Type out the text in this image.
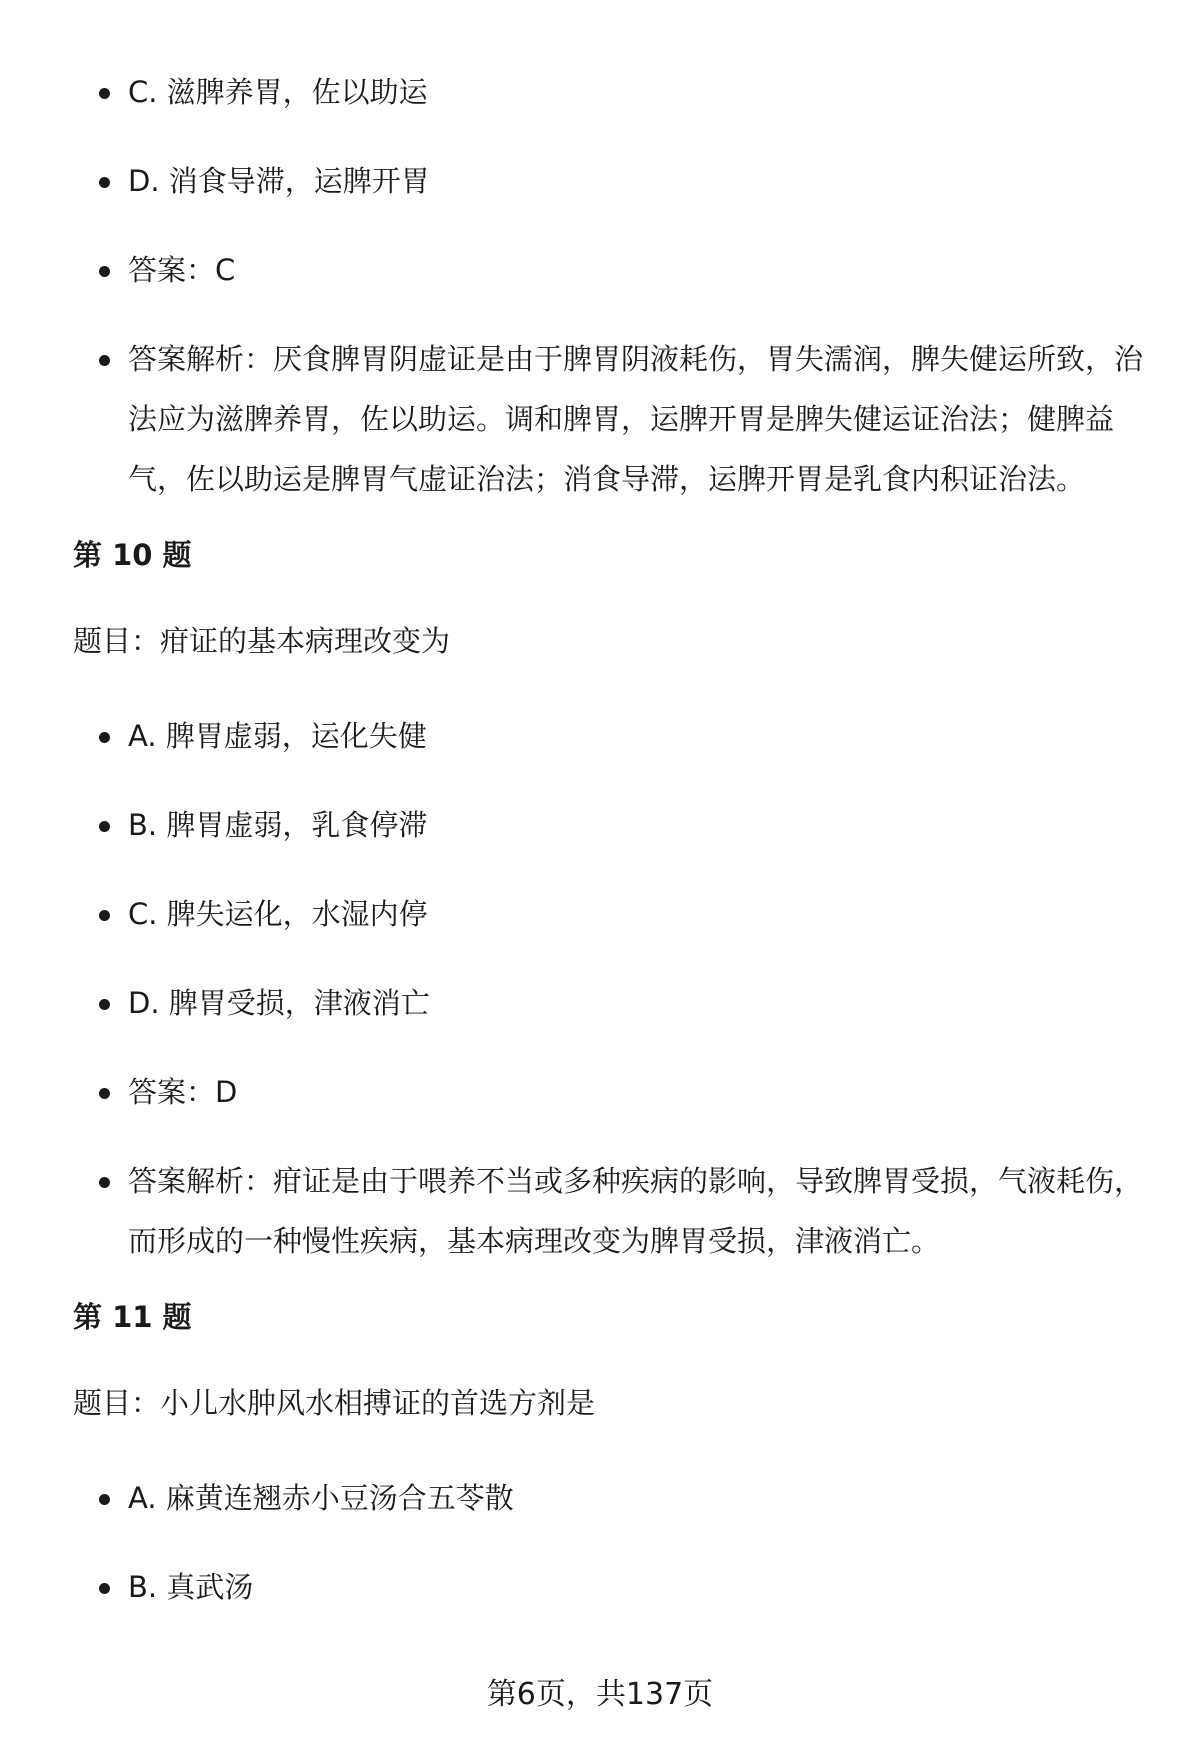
C. 滋脾养胃，佐以助运
D. 消食导滞，运脾开胃
答案：C
答案解析：厌食脾胃阴虚证是由于脾胃阴液耗伤，胃失濡润，脾失健运所致，治法应为滋脾养胃，佐以助运。调和脾胃，运脾开胃是脾失健运证治法；健脾益气，佐以助运是脾胃气虚证治法；消食导滞，运脾开胃是乳食内积证治法。
第 10 题
题目：疳证的基本病理改变为
A. 脾胃虚弱，运化失健
B. 脾胃虚弱，乳食停滞
C. 脾失运化，水湿内停
D. 脾胃受损，津液消亡
答案：D
答案解析：疳证是由于喂养不当或多种疾病的影响，导致脾胃受损，气液耗伤，而形成的一种慢性疾病，基本病理改变为脾胃受损，津液消亡。
第 11 题
题目：小儿水肿风水相搏证的首选方剂是
A. 麻黄连翘赤小豆汤合五苓散
B. 真武汤
第6页，共137页
